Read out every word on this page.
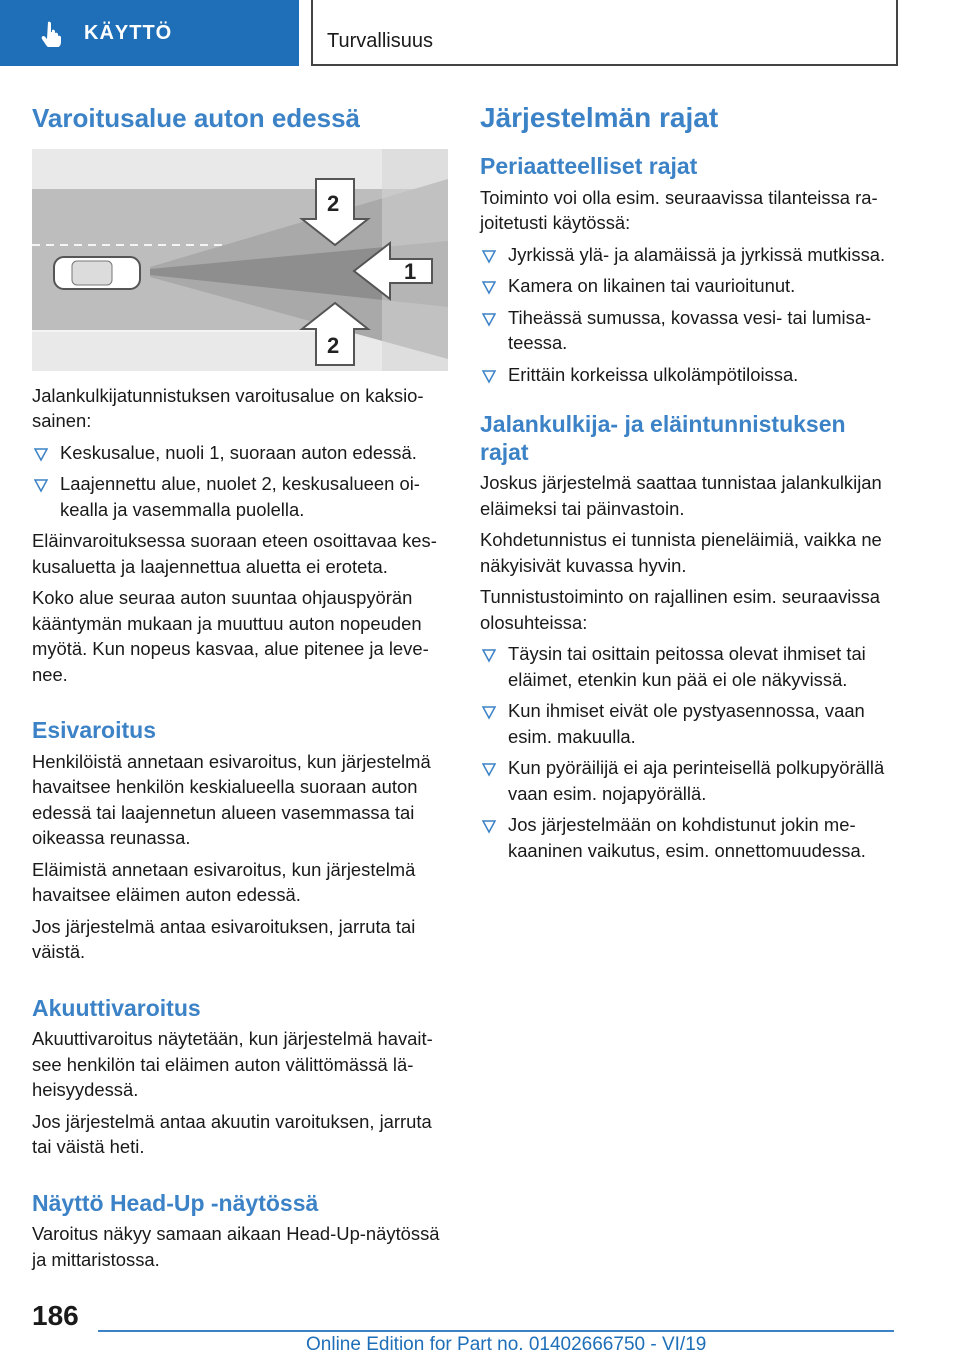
KÄYTTÖ	Turvallisuus
Varoitusalue auton edessä
1
2
2

Jalankulkijatunnistuksen varoitusalue on kaksiosainen:

Keskusalue, nuoli 1, suoraan auton edessä.
Laajennettu alue, nuolet 2, keskusalueen oikealla ja vasemmalla puolella.

Eläinvaroituksessa suoraan eteen osoittavaa keskusaluetta ja laajennettua aluetta ei eroteta.

Koko alue seuraa auton suuntaa ohjauspyörän kääntymän mukaan ja muuttuu auton nopeuden myötä. Kun nopeus kasvaa, alue pitenee ja levenee.

Esivaroitus

Henkilöistä annetaan esivaroitus, kun järjestelmä havaitsee henkilön keskialueella suoraan auton edessä tai laajennetun alueen vasemmassa tai oikeassa reunassa.

Eläimistä annetaan esivaroitus, kun järjestelmä havaitsee eläimen auton edessä.

Jos järjestelmä antaa esivaroituksen, jarruta tai väistä.

Akuuttivaroitus

Akuuttivaroitus näytetään, kun järjestelmä havaitsee henkilön tai eläimen auton välittömässä läheisyydessä.

Jos järjestelmä antaa akuutin varoituksen, jarruta tai väistä heti.

Näyttö Head-Up -näytössä

Varoitus näkyy samaan aikaan Head-Up-näytössä ja mittaristossa.

Järjestelmän rajat
Periaatteelliset rajat

Toiminto voi olla esim. seuraavissa tilanteissa rajoitetusti käytössä:

Jyrkissä ylä- ja alamäissä ja jyrkissä mutkissa.
Kamera on likainen tai vaurioitunut.
Tiheässä sumussa, kovassa vesi- tai lumisateessa.
Erittäin korkeissa ulkolämpötiloissa.
Jalankulkija- ja eläintunnistuksen rajat

Joskus järjestelmä saattaa tunnistaa jalankulkijan eläimeksi tai päinvastoin.

Kohdetunnistus ei tunnista pieneläimiä, vaikka ne näkyisivät kuvassa hyvin.

Tunnistustoiminto on rajallinen esim. seuraavissa olosuhteissa:

Täysin tai osittain peitossa olevat ihmiset tai eläimet, etenkin kun pää ei ole näkyvissä.
Kun ihmiset eivät ole pystyasennossa, vaan esim. makuulla.
Kun pyöräilijä ei aja perinteisellä polkupyörällä vaan esim. nojapyörällä.
Jos järjestelmään on kohdistunut jokin mekaaninen vaikutus, esim. onnettomuudessa.
186
Online Edition for Part no. 01402666750 - VI/19
